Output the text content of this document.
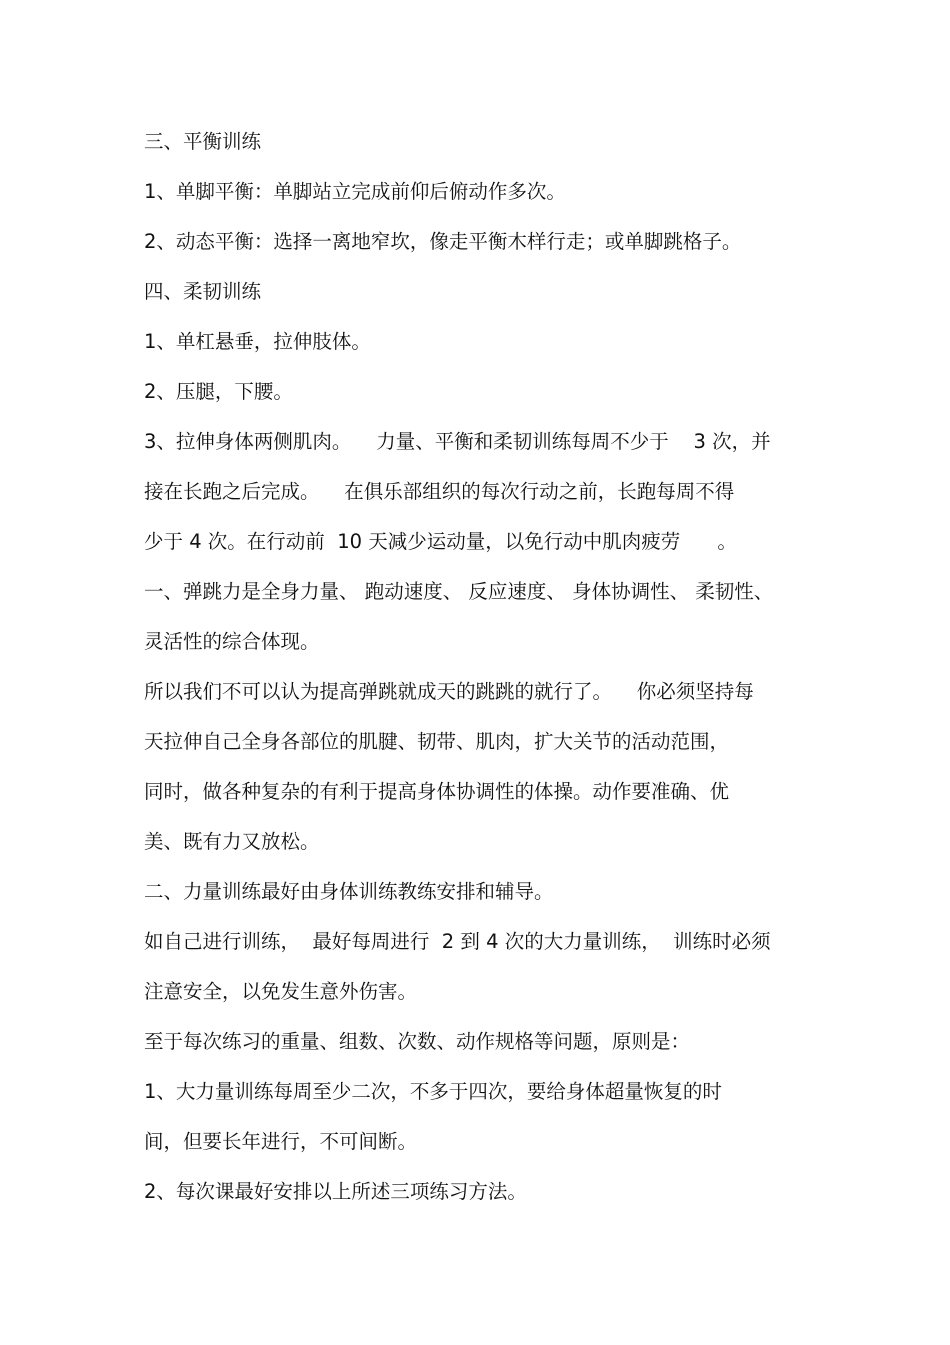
三、平衡训练
1、单脚平衡：单脚站立完成前仰后俯动作多次。
2、动态平衡：选择一离地窄坎，像走平衡木样行走；或单脚跳格子。
四、柔韧训练
1、单杠悬垂，拉伸肢体。
2、压腿，下腰。
3、拉伸身体两侧肌肉。    力量、平衡和柔韧训练每周不少于    3 次，并
接在长跑之后完成。    在俱乐部组织的每次行动之前，长跑每周不得
少于 4 次。在行动前  10 天减少运动量，以免行动中肌肉疲劳      。
一、弹跳力是全身力量、 跑动速度、 反应速度、 身体协调性、 柔韧性、
灵活性的综合体现。
所以我们不可以认为提高弹跳就成天的跳跳的就行了。    你必须坚持每
天拉伸自己全身各部位的肌腱、韧带、肌肉，扩大关节的活动范围，
同时，做各种复杂的有利于提高身体协调性的体操。动作要准确、优
美、既有力又放松。
二、力量训练最好由身体训练教练安排和辅导。
如自己进行训练，  最好每周进行  2 到 4 次的大力量训练，  训练时必须
注意安全，以免发生意外伤害。
至于每次练习的重量、组数、次数、动作规格等问题，原则是：
1、大力量训练每周至少二次，不多于四次，要给身体超量恢复的时
间，但要长年进行，不可间断。
2、每次课最好安排以上所述三项练习方法。
